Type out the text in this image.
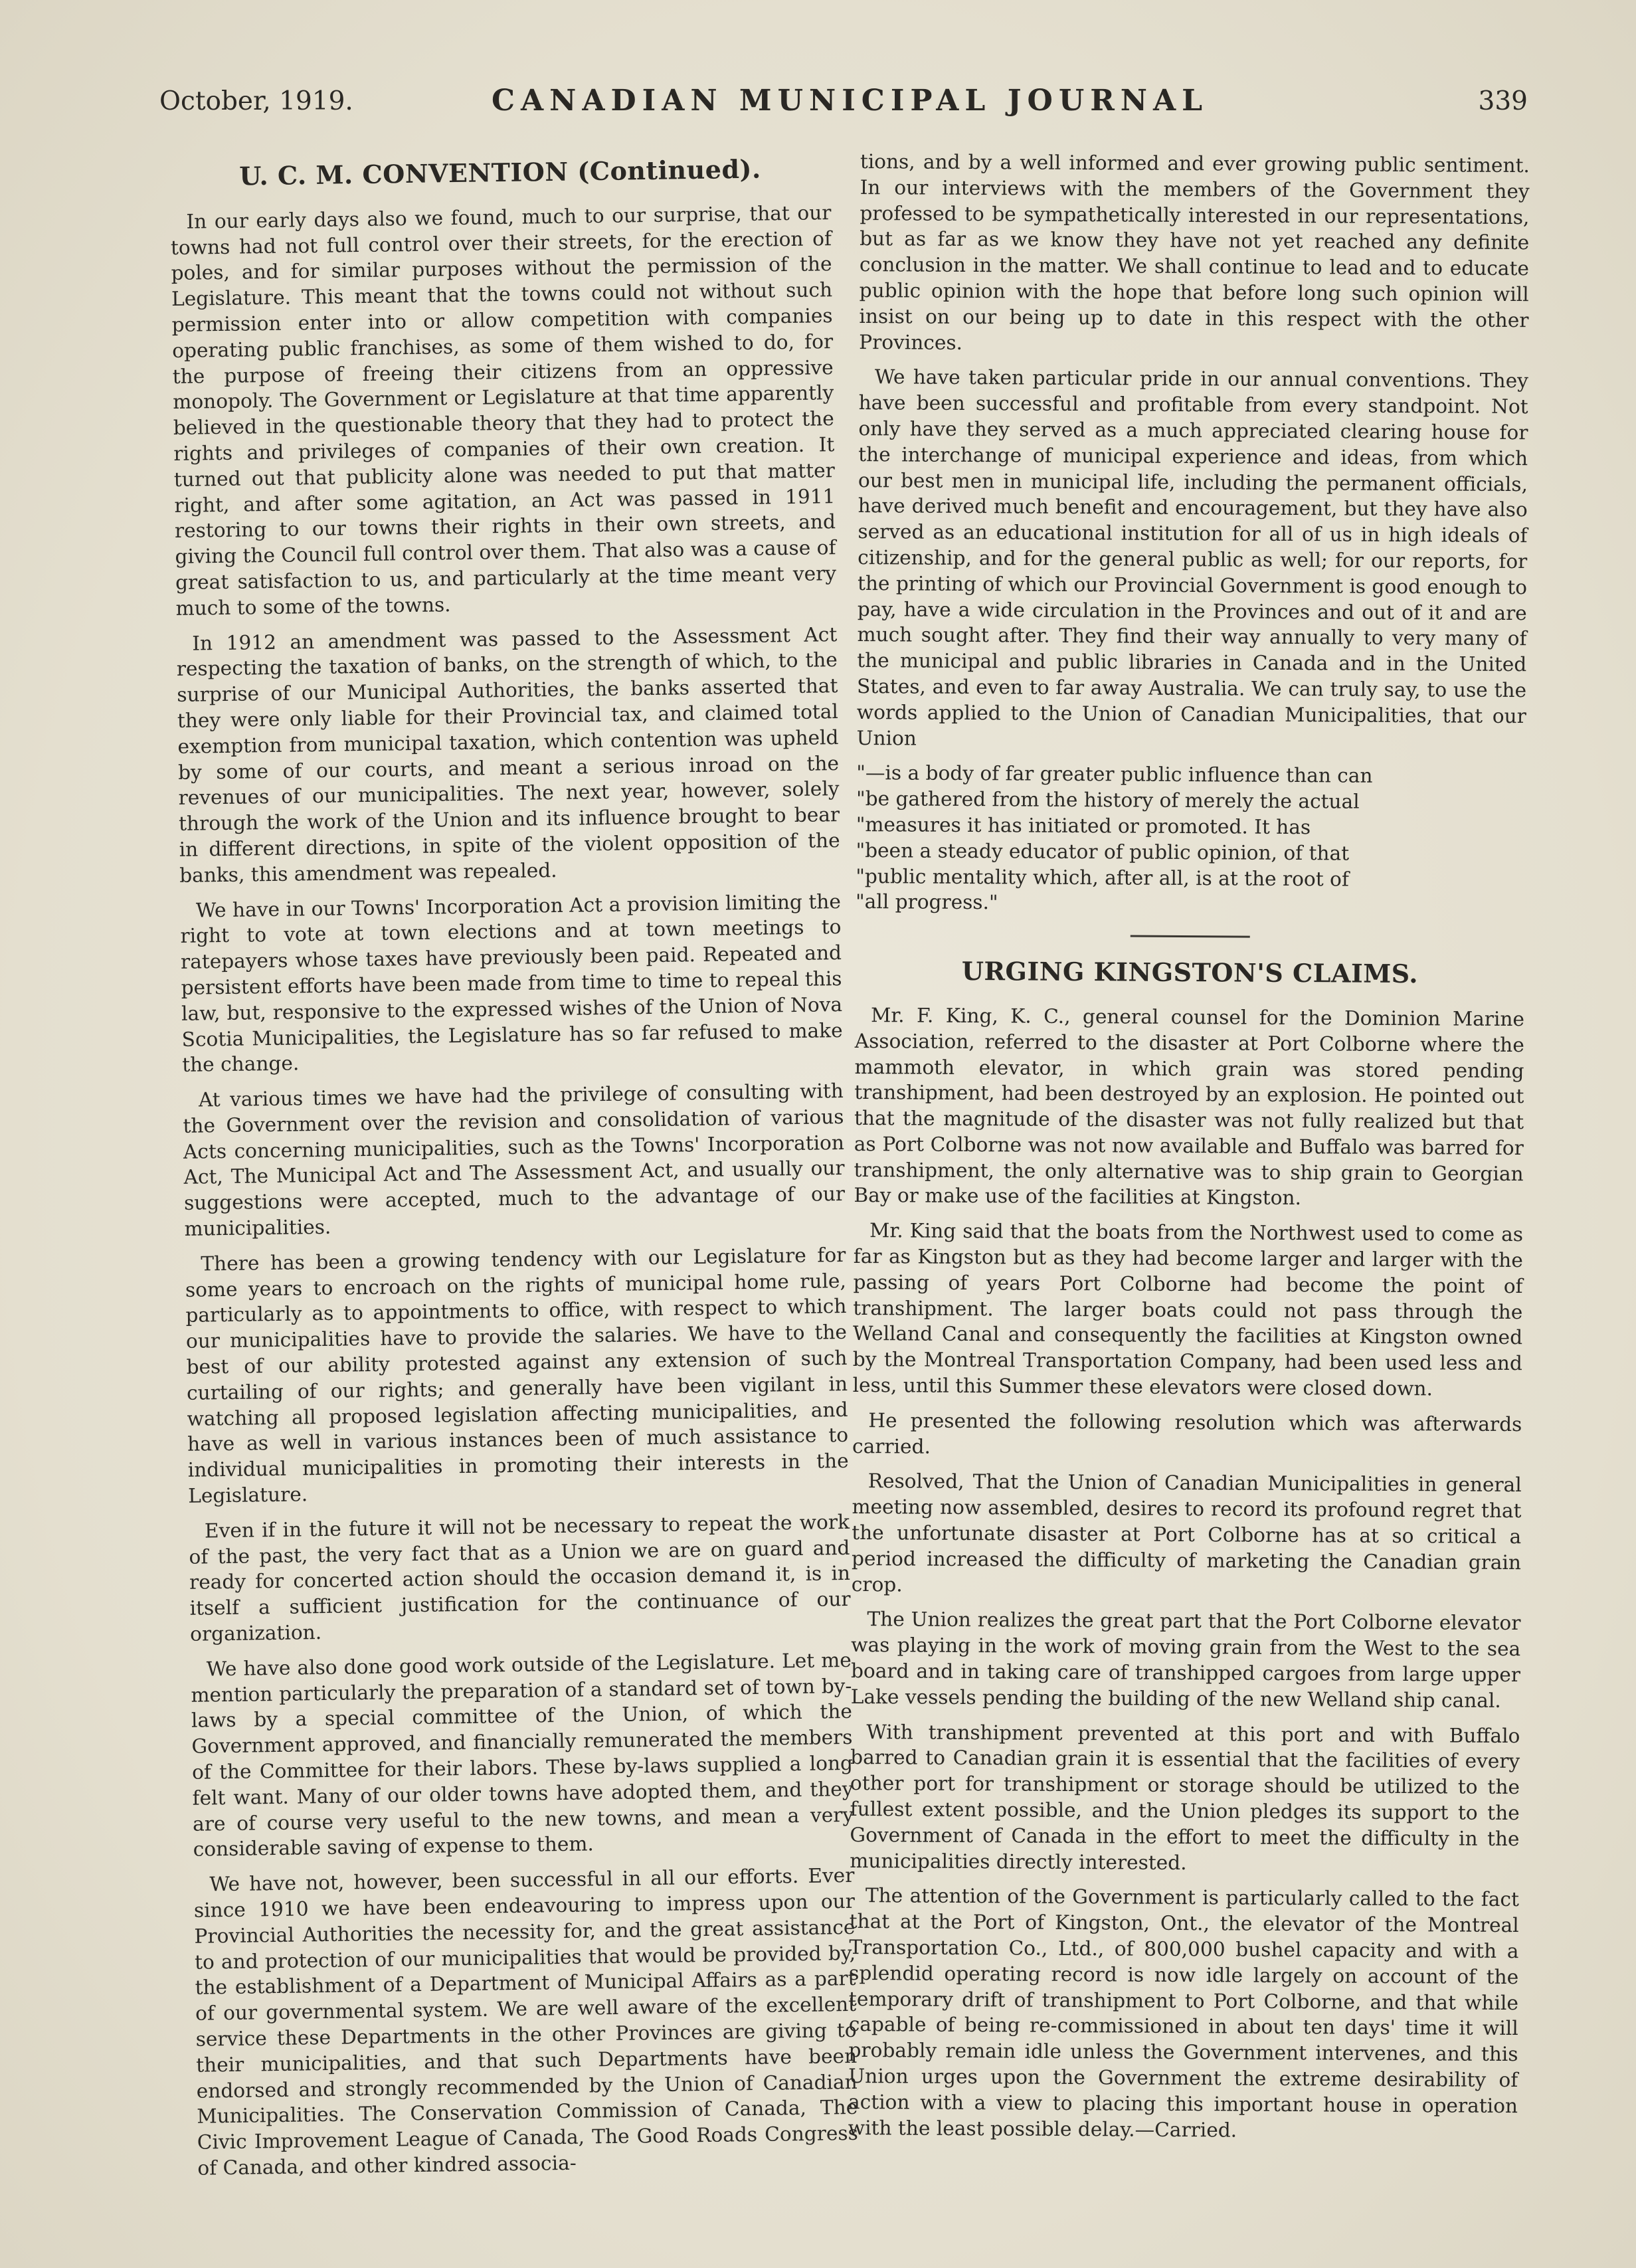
October, 1919.	CANADIAN MUNICIPAL JOURNAL	339
U. C. M. CONVENTION (Continued).

In our early days also we found, much to our surprise, that our towns had not full control over their streets, for the erection of poles, and for similar purposes without the permission of the Legislature. This meant that the towns could not without such permission enter into or allow competition with companies operating public franchises, as some of them wished to do, for the purpose of freeing their citizens from an oppressive monopoly. The Government or Legislature at that time apparently believed in the questionable theory that they had to protect the rights and privileges of companies of their own creation. It turned out that publicity alone was needed to put that matter right, and after some agitation, an Act was passed in 1911 restoring to our towns their rights in their own streets, and giving the Council full control over them. That also was a cause of great satisfaction to us, and particularly at the time meant very much to some of the towns.

In 1912 an amendment was passed to the Assessment Act respecting the taxation of banks, on the strength of which, to the surprise of our Municipal Authorities, the banks asserted that they were only liable for their Provincial tax, and claimed total exemption from municipal taxation, which contention was upheld by some of our courts, and meant a serious inroad on the revenues of our municipalities. The next year, however, solely through the work of the Union and its influence brought to bear in different directions, in spite of the violent opposition of the banks, this amendment was repealed.

We have in our Towns' Incorporation Act a provision limiting the right to vote at town elections and at town meetings to ratepayers whose taxes have previously been paid. Repeated and persistent efforts have been made from time to time to repeal this law, but, responsive to the expressed wishes of the Union of Nova Scotia Municipalities, the Legislature has so far refused to make the change.

At various times we have had the privilege of consulting with the Government over the revision and consolidation of various Acts concerning municipalities, such as the Towns' Incorporation Act, The Municipal Act and The Assessment Act, and usually our suggestions were accepted, much to the advantage of our municipalities.

There has been a growing tendency with our Legislature for some years to encroach on the rights of municipal home rule, particularly as to appointments to office, with respect to which our municipalities have to provide the salaries. We have to the best of our ability protested against any extension of such curtailing of our rights; and generally have been vigilant in watching all proposed legislation affecting municipalities, and have as well in various instances been of much assistance to individual municipalities in promoting their interests in the Legislature.

Even if in the future it will not be necessary to repeat the work of the past, the very fact that as a Union we are on guard and ready for concerted action should the occasion demand it, is in itself a sufficient justification for the continuance of our organization.

We have also done good work outside of the Legislature. Let me mention particularly the preparation of a standard set of town by-laws by a special committee of the Union, of which the Government approved, and financially remunerated the members of the Committee for their labors. These by-laws supplied a long felt want. Many of our older towns have adopted them, and they are of course very useful to the new towns, and mean a very considerable saving of expense to them.

We have not, however, been successful in all our efforts. Ever since 1910 we have been endeavouring to impress upon our Provincial Authorities the necessity for, and the great assistance to and protection of our municipalities that would be provided by, the establishment of a Department of Municipal Affairs as a part of our governmental system. We are well aware of the excellent service these Departments in the other Provinces are giving to their municipalities, and that such Departments have been endorsed and strongly recommended by the Union of Canadian Municipalities. The Conservation Commission of Canada, The Civic Improvement League of Canada, The Good Roads Congress of Canada, and other kindred associa-

tions, and by a well informed and ever growing public sentiment. In our interviews with the members of the Government they professed to be sympathetically interested in our representations, but as far as we know they have not yet reached any definite conclusion in the matter. We shall continue to lead and to educate public opinion with the hope that before long such opinion will insist on our being up to date in this respect with the other Provinces.

We have taken particular pride in our annual conventions. They have been successful and profitable from every standpoint. Not only have they served as a much appreciated clearing house for the interchange of municipal experience and ideas, from which our best men in municipal life, including the permanent officials, have derived much benefit and encouragement, but they have also served as an educational institution for all of us in high ideals of citizenship, and for the general public as well; for our reports, for the printing of which our Provincial Government is good enough to pay, have a wide circulation in the Provinces and out of it and are much sought after. They find their way annually to very many of the municipal and public libraries in Canada and in the United States, and even to far away Australia. We can truly say, to use the words applied to the Union of Canadian Municipalities, that our Union

"—is a body of far greater public influence than can
"be gathered from the history of merely the actual
"measures it has initiated or promoted. It has
"been a steady educator of public opinion, of that
"public mentality which, after all, is at the root of
"all progress."

URGING KINGSTON'S CLAIMS.

Mr. F. King, K. C., general counsel for the Dominion Marine Association, referred to the disaster at Port Colborne where the mammoth elevator, in which grain was stored pending transhipment, had been destroyed by an explosion. He pointed out that the magnitude of the disaster was not fully realized but that as Port Colborne was not now available and Buffalo was barred for transhipment, the only alternative was to ship grain to Georgian Bay or make use of the facilities at Kingston.

Mr. King said that the boats from the Northwest used to come as far as Kingston but as they had become larger and larger with the passing of years Port Colborne had become the point of transhipment. The larger boats could not pass through the Welland Canal and consequently the facilities at Kingston owned by the Montreal Transportation Company, had been used less and less, until this Summer these elevators were closed down.

He presented the following resolution which was afterwards carried.

Resolved, That the Union of Canadian Municipalities in general meeting now assembled, desires to record its profound regret that the unfortunate disaster at Port Colborne has at so critical a period increased the difficulty of marketing the Canadian grain crop.

The Union realizes the great part that the Port Colborne elevator was playing in the work of moving grain from the West to the sea board and in taking care of transhipped cargoes from large upper Lake vessels pending the building of the new Welland ship canal.

With transhipment prevented at this port and with Buffalo barred to Canadian grain it is essential that the facilities of every other port for transhipment or storage should be utilized to the fullest extent possible, and the Union pledges its support to the Government of Canada in the effort to meet the difficulty in the municipalities directly interested.

The attention of the Government is particularly called to the fact that at the Port of Kingston, Ont., the elevator of the Montreal Transportation Co., Ltd., of 800,000 bushel capacity and with a splendid operating record is now idle largely on account of the temporary drift of transhipment to Port Colborne, and that while capable of being re-commissioned in about ten days' time it will probably remain idle unless the Government intervenes, and this Union urges upon the Government the extreme desirability of action with a view to placing this important house in operation with the least possible delay.—Carried.
